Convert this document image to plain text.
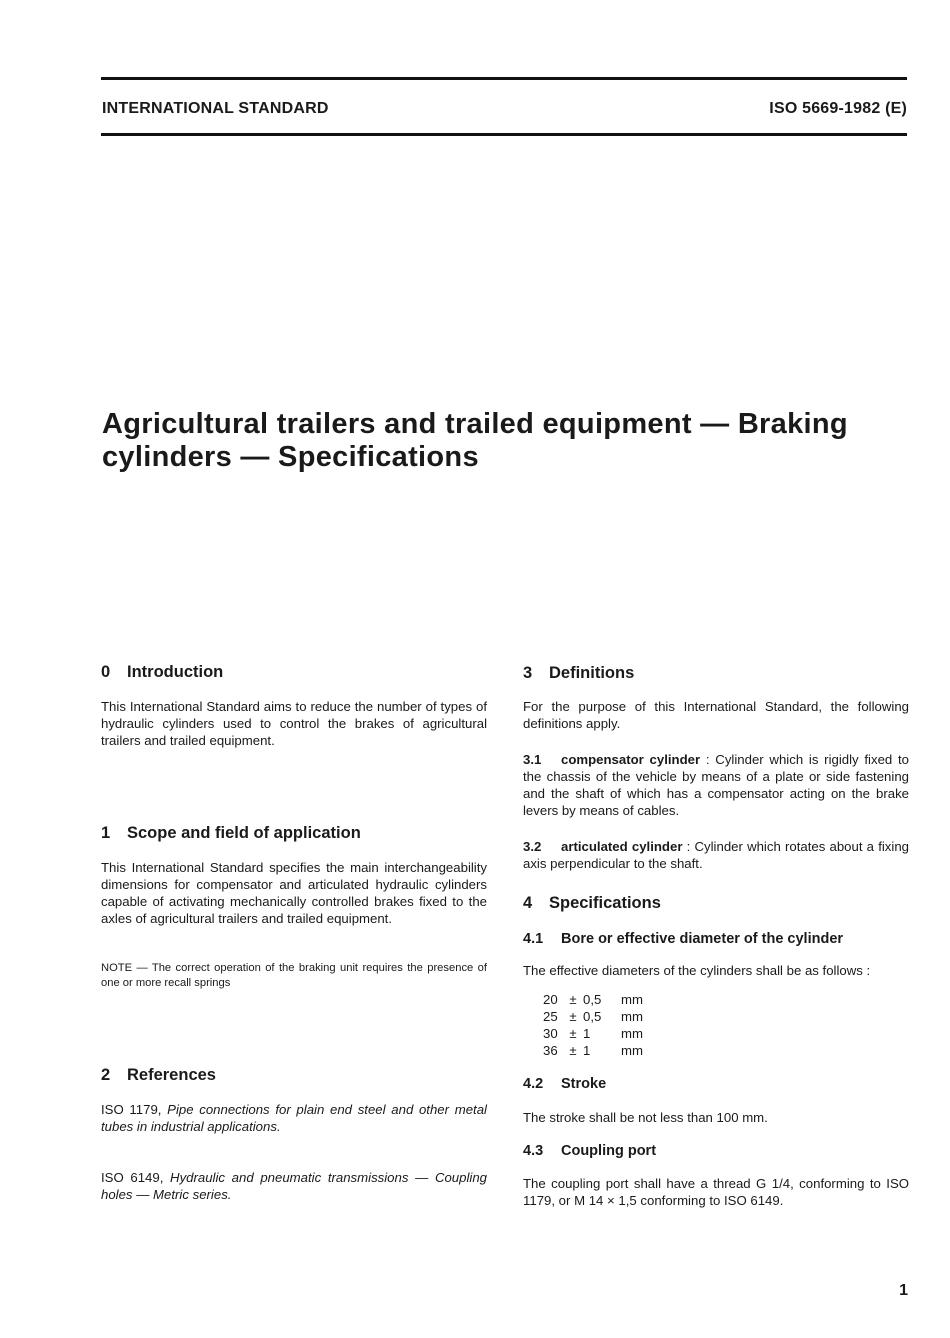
INTERNATIONAL STANDARD	ISO 5669-1982 (E)
Agricultural trailers and trailed equipment — Braking cylinders — Specifications
0 Introduction

This International Standard aims to reduce the number of types of hydraulic cylinders used to control the brakes of agricultural trailers and trailed equipment.

1 Scope and field of application

This International Standard specifies the main interchangeability dimensions for compensator and articulated hydraulic cylinders capable of activating mechanically controlled brakes fixed to the axles of agricultural trailers and trailed equipment.

NOTE — The correct operation of the braking unit requires the presence of one or more recall springs

2 References

ISO 1179, Pipe connections for plain end steel and other metal tubes in industrial applications.

ISO 6149, Hydraulic and pneumatic transmissions — Coupling holes — Metric series.

3 Definitions

For the purpose of this International Standard, the following definitions apply.

3.1 compensator cylinder : Cylinder which is rigidly fixed to the chassis of the vehicle by means of a plate or side fastening and the shaft of which has a compensator acting on the brake levers by means of cables.

3.2 articulated cylinder : Cylinder which rotates about a fixing axis perpendicular to the shaft.

4 Specifications
4.1 Bore or effective diameter of the cylinder

The effective diameters of the cylinders shall be as follows :

20 ± 0,5	mm
25 ± 0,5	mm
30 ± 1	mm
36 ± 1	mm
4.2 Stroke

The stroke shall be not less than 100 mm.

4.3 Coupling port

The coupling port shall have a thread G 1/4, conforming to ISO 1179, or M 14 × 1,5 conforming to ISO 6149.

1
